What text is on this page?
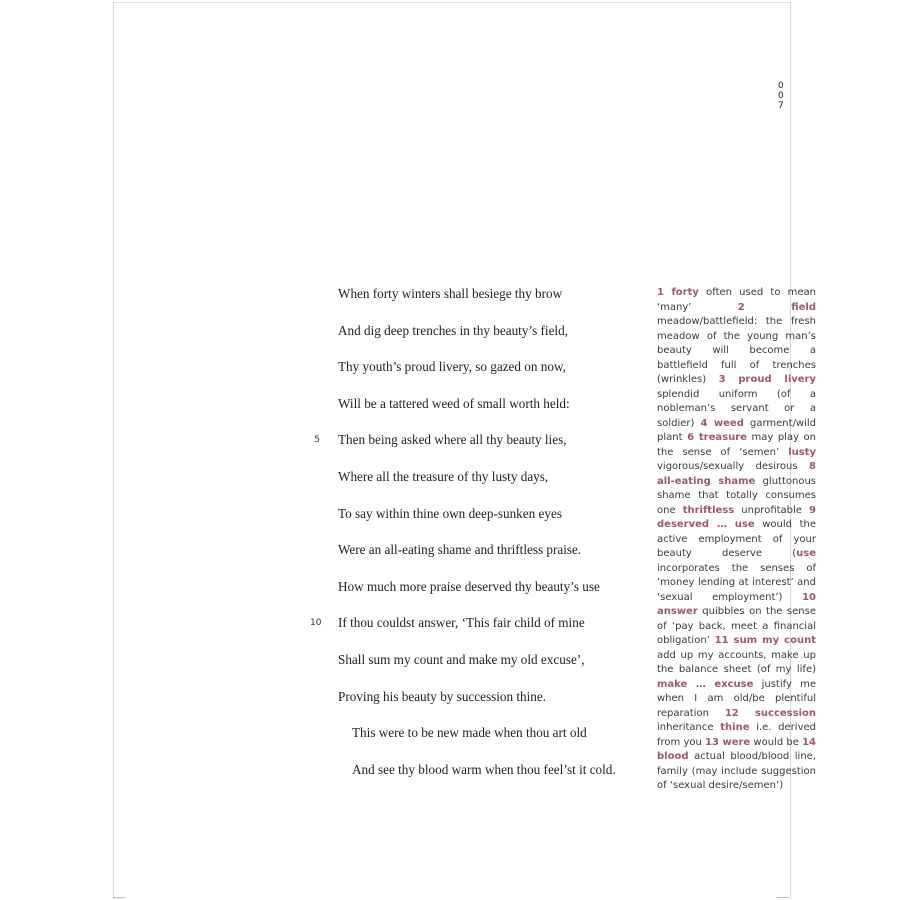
0 0 7
When forty winters shall besiege thy brow
And dig deep trenches in thy beauty’s field,
Thy youth’s proud livery, so gazed on now,
Will be a tattered weed of small worth held:
5 Then being asked where all thy beauty lies,
Where all the treasure of thy lusty days,
To say within thine own deep-sunken eyes
Were an all-eating shame and thriftless praise.
How much more praise deserved thy beauty’s use
10 If thou couldst answer, ‘This fair child of mine
Shall sum my count and make my old excuse’,
Proving his beauty by succession thine.
This were to be new made when thou art old
And see thy blood warm when thou feel’st it cold.
1 forty often used to mean ‘many’	2 field meadow/battlefield: the fresh meadow of the young man’s beauty will become a battlefield full of trenches (wrinkles) 3 proud livery splendid uniform (of a nobleman’s servant or a soldier) 4 weed garment/wild plant 6 treasure may play on the sense of ‘semen’ lusty vigorous/sexually desirous 8 all-eating shame gluttonous shame that totally consumes one thriftless unprofitable 9 deserved … use would the active employment of your beauty deserve (use incorporates the senses of ‘money lending at interest’ and ‘sexual employment’) 10 answer quibbles on the sense of ‘pay back, meet a financial obligation’ 11 sum my count add up my accounts, make up the balance sheet (of my life) make … excuse justify me when I am old/be plentiful reparation 12 succession inheritance thine i.e. derived from you 13 were would be 14 blood actual blood/blood line, family (may include suggestion of ‘sexual desire/semen’)
